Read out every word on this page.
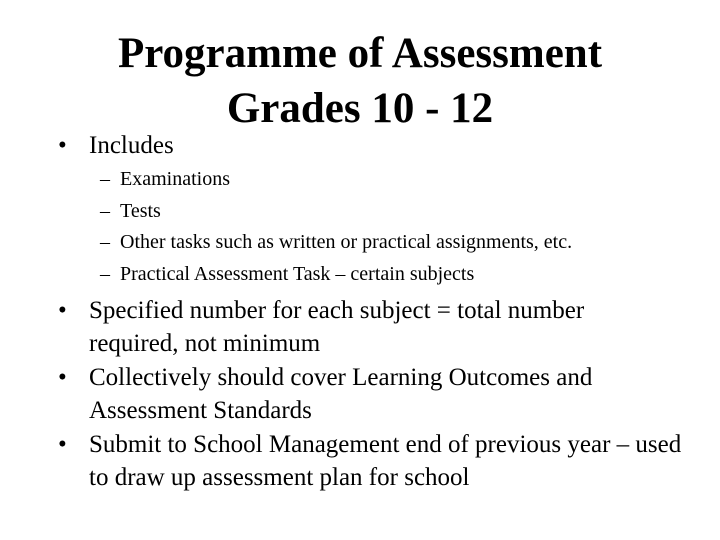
Programme of Assessment
Grades 10 - 12
• Includes
– Examinations
– Tests
– Other tasks such as written or practical assignments, etc.
– Practical Assessment Task – certain subjects
• Specified number for each subject = total number required, not minimum
• Collectively should cover Learning Outcomes and Assessment Standards
• Submit to School Management end of previous year – used to draw up assessment plan for school
